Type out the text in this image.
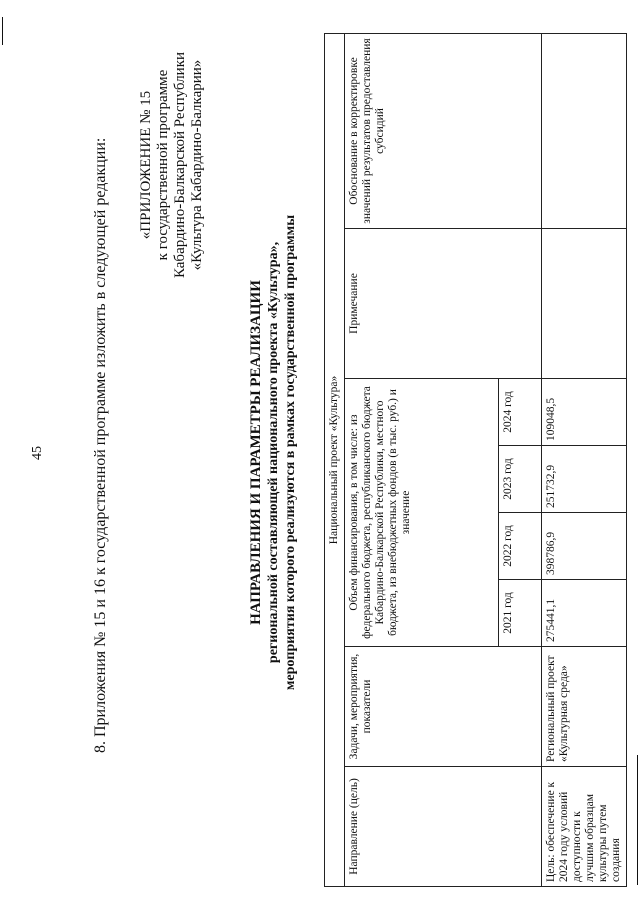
45	8. Приложения № 15 и 16 к государственной программе изложить в следующей редакции: «ПРИЛОЖЕНИЕ № 15 к государственной программе Кабардино-Балкарской Республики «Культура Кабардино-Балкарии»
НАПРАВЛЕНИЯ И ПАРАМЕТРЫ РЕАЛИЗАЦИИ региональной составляющей национального проекта «Культура», мероприятия которого реализуются в рамках государственной программы	Национальный проект «Культура»							
Направление (цель)	Задачи, мероприятия, показатели	Объем финансирования, в том числе: из федерального бюджета, республиканского бюджета Кабардино-Балкарской Республики, местного бюджета, из внебюджетных фондов (в тыс. руб.) и значение				Примечание	Обоснование в корректировке значений результатов предоставления субсидий
		2021 год	2022 год	2023 год	2024 год		
Цель: обеспечение к 2024 году условий доступности к лучшим образцам культуры путем создания	Региональный проект «Культурная среда»	275441,1	398786,9	251732,9	109048,5		
